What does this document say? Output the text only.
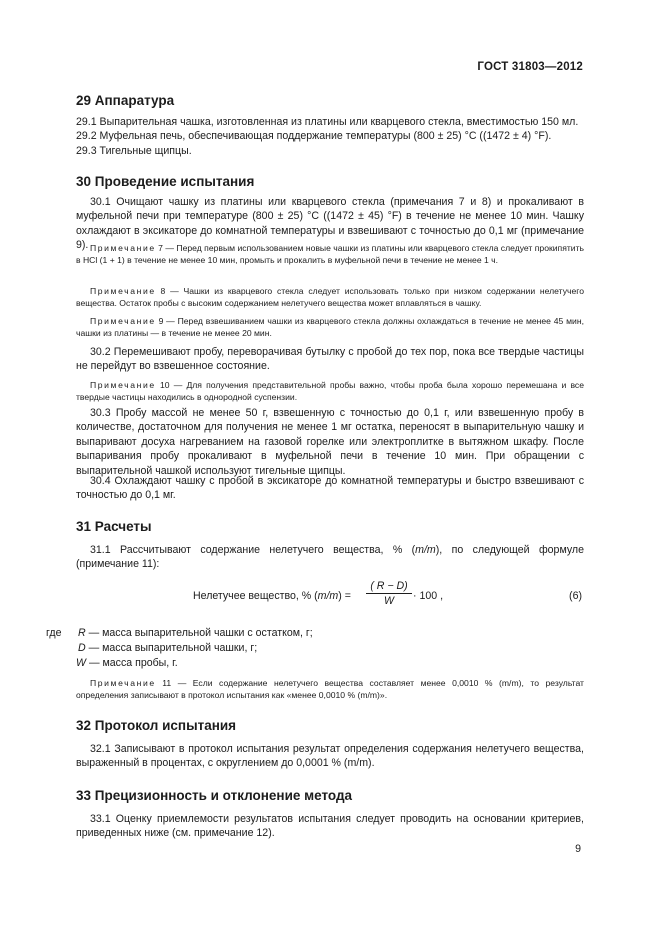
ГОСТ 31803—2012
29 Аппаратура
29.1 Выпарительная чашка, изготовленная из платины или кварцевого стекла, вместимостью 150 мл.
29.2 Муфельная печь, обеспечивающая поддержание температуры (800 ± 25) °С ((1472 ± 4) °F).
29.3 Тигельные щипцы.
30 Проведение испытания
30.1 Очищают чашку из платины или кварцевого стекла (примечания 7 и 8) и прокаливают в муфельной печи при температуре (800 ± 25) °С ((1472 ± 45) °F) в течение не менее 10 мин. Чашку охлаждают в эксикаторе до комнатной температуры и взвешивают с точностью до 0,1 мг (примечание 9). Примечание 7 — Перед первым использованием новые чашки из платины или кварцевого стекла следует прокипятить в HCl (1 + 1) в течение не менее 10 мин, промыть и прокалить в муфельной печи в течение не менее 1 ч.
Примечание 8 — Чашки из кварцевого стекла следует использовать только при низком содержании нелетучего вещества. Остаток пробы с высоким содержанием нелетучего вещества может вплавляться в чашку.
Примечание 9 — Перед взвешиванием чашки из кварцевого стекла должны охлаждаться в течение не менее 45 мин, чашки из платины — в течение не менее 20 мин.
30.2 Перемешивают пробу, переворачивая бутылку с пробой до тех пор, пока все твердые частицы не перейдут во взвешенное состояние.
Примечание 10 — Для получения представительной пробы важно, чтобы проба была хорошо перемешана и все твердые частицы находились в однородной суспензии.
30.3 Пробу массой не менее 50 г, взвешенную с точностью до 0,1 г, или взвешенную пробу в количестве, достаточном для получения не менее 1 мг остатка, переносят в выпарительную чашку и выпаривают досуха нагреванием на газовой горелке или электроплитке в вытяжном шкафу. После выпаривания пробу прокаливают в муфельной печи в течение 10 мин. При обращении с выпарительной чашкой используют тигельные щипцы.
30.4 Охлаждают чашку с пробой в эксикаторе до комнатной температуры и быстро взвешивают с точностью до 0,1 мг.
31 Расчеты
31.1 Рассчитывают содержание нелетучего вещества, % (m/m), по следующей формуле (примечание 11):
Нелетучее вещество, % $(m/m) = \frac{( R - D)}{W} \cdot 100$ ,	(6)
где R — масса выпарительной чашки с остатком, г;
D — масса выпарительной чашки, г;
W — масса пробы, г.
Примечание 11 — Если содержание нелетучего вещества составляет менее 0,0010 % (m/m), то результат определения записывают в протокол испытания как «менее 0,0010 % (m/m)».
32 Протокол испытания
32.1 Записывают в протокол испытания результат определения содержания нелетучего вещества, выраженный в процентах, с округлением до 0,0001 % (m/m).
33 Прецизионность и отклонение метода
33.1 Оценку приемлемости результатов испытания следует проводить на основании критериев, приведенных ниже (см. примечание 12).
9
